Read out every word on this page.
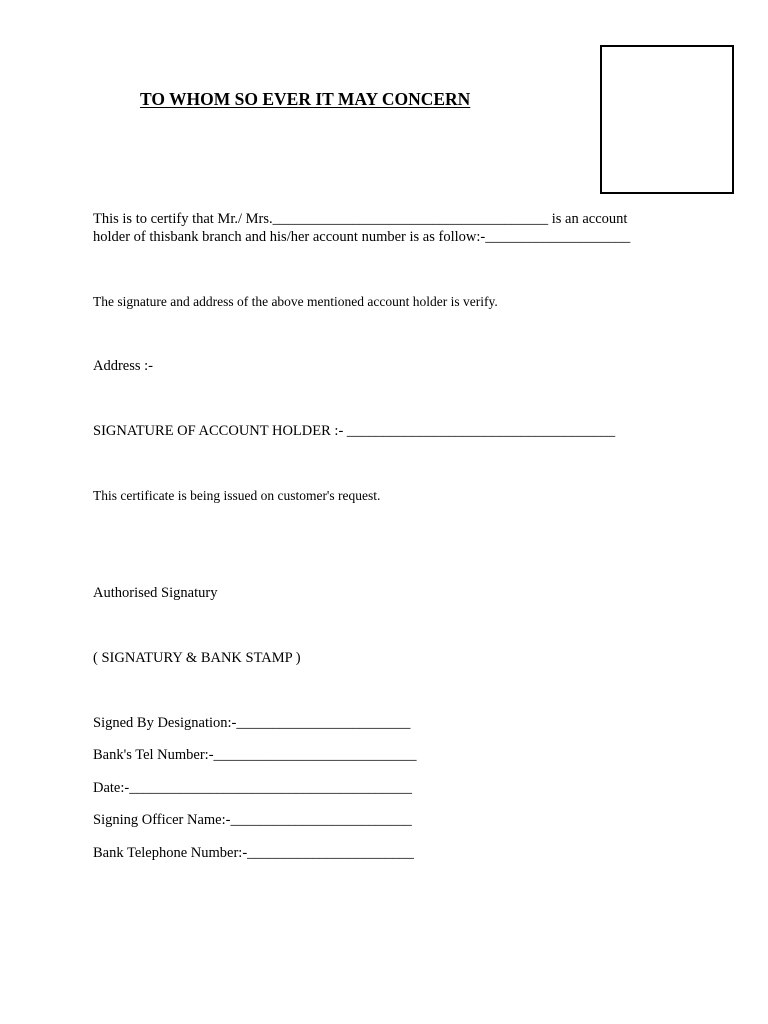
TO WHOM SO EVER IT MAY CONCERN
This is to certify that Mr./ Mrs.______________________________________ is an account
holder of thisbank branch and his/her account number is as follow:-____________________
The signature and address of the above mentioned account holder is verify.
Address :-
SIGNATURE OF ACCOUNT HOLDER :- _____________________________________
This certificate is being issued on customer's request.
Authorised Signatury
( SIGNATURY & BANK STAMP )
Signed By Designation:-________________________
Bank's Tel Number:-____________________________
Date:-_______________________________________
Signing Officer Name:-_________________________
Bank Telephone Number:-_______________________
